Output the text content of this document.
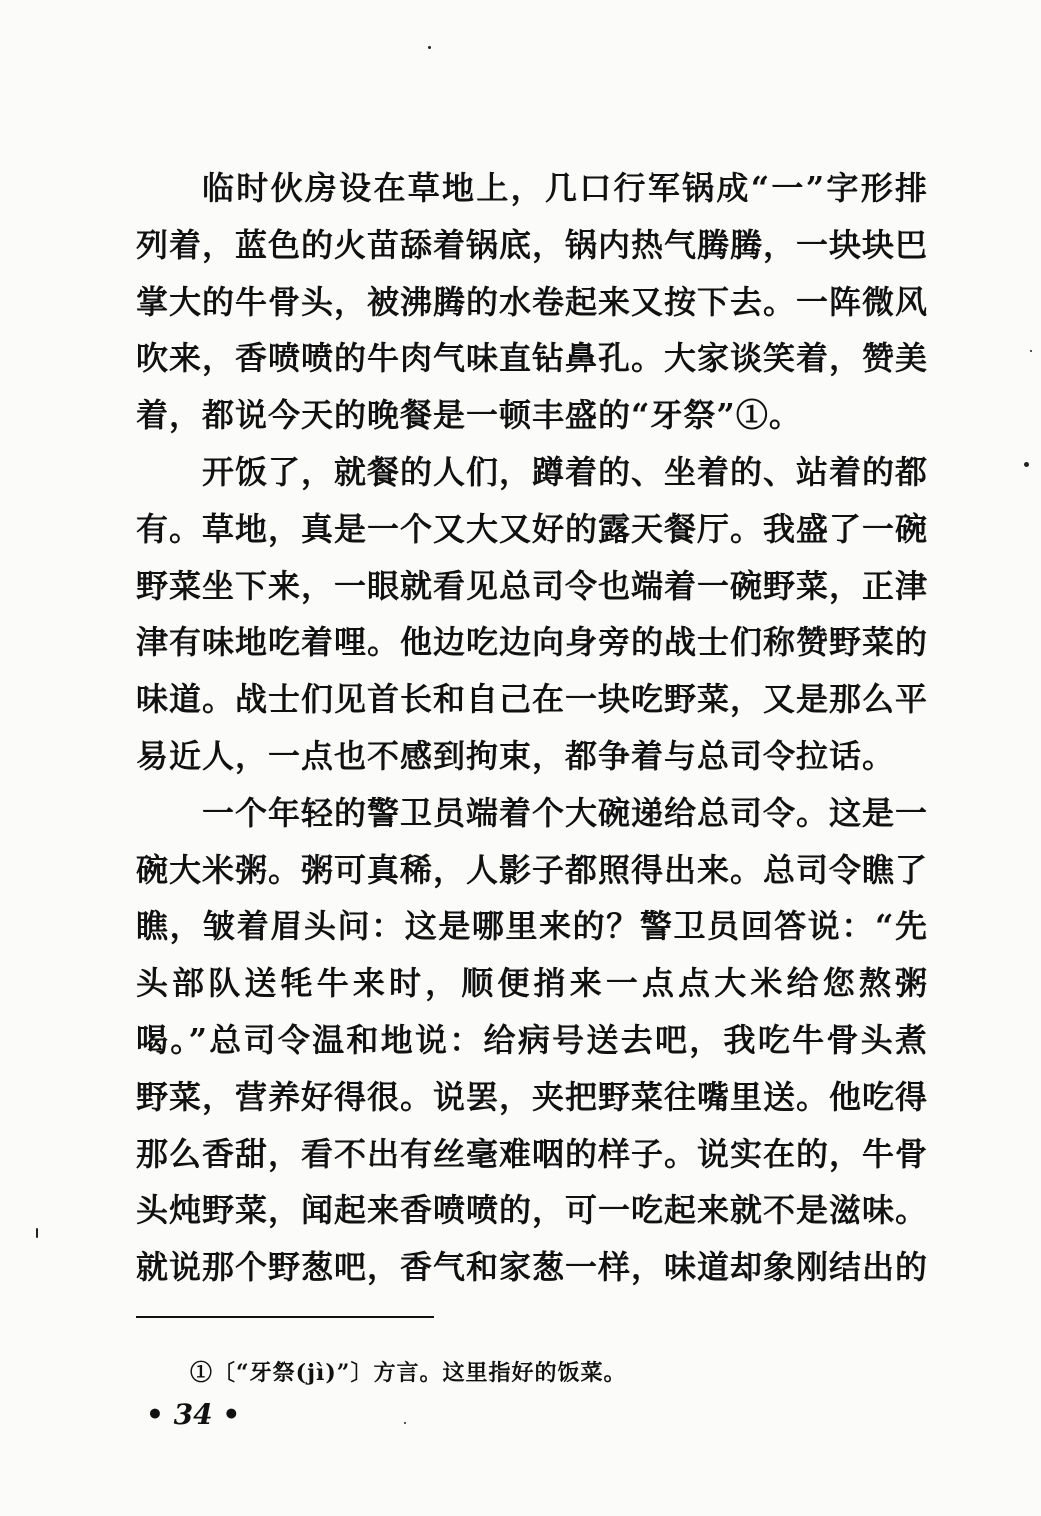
临时伙房设在草地上，几口行军锅成“一”字形排列着，蓝色的火苗舔着锅底，锅内热气腾腾，一块块巴掌大的牛骨头，被沸腾的水卷起来又按下去。一阵微风吹来，香喷喷的牛肉气味直钻鼻孔。大家谈笑着，赞美着，都说今天的晚餐是一顿丰盛的“牙祭”①。

开饭了，就餐的人们，蹲着的、坐着的、站着的都有。草地，真是一个又大又好的露天餐厅。我盛了一碗野菜坐下来，一眼就看见总司令也端着一碗野菜，正津津有味地吃着哩。他边吃边向身旁的战士们称赞野菜的味道。战士们见首长和自己在一块吃野菜，又是那么平易近人，一点也不感到拘束，都争着与总司令拉话。

一个年轻的警卫员端着个大碗递给总司令。这是一碗大米粥。粥可真稀，人影子都照得出来。总司令瞧了瞧，皱着眉头问：这是哪里来的？警卫员回答说：“先头部队送牦牛来时，顺便捎来一点点大米给您熬粥喝。”总司令温和地说：给病号送去吧，我吃牛骨头煮野菜，营养好得很。说罢，夹把野菜往嘴里送。他吃得那么香甜，看不出有丝毫难咽的样子。说实在的，牛骨头炖野菜，闻起来香喷喷的，可一吃起来就不是滋味。就说那个野葱吧，香气和家葱一样，味道却象刚结出的

①〔“牙祭(jì)”〕方言。这里指好的饭菜。

• 34 •
